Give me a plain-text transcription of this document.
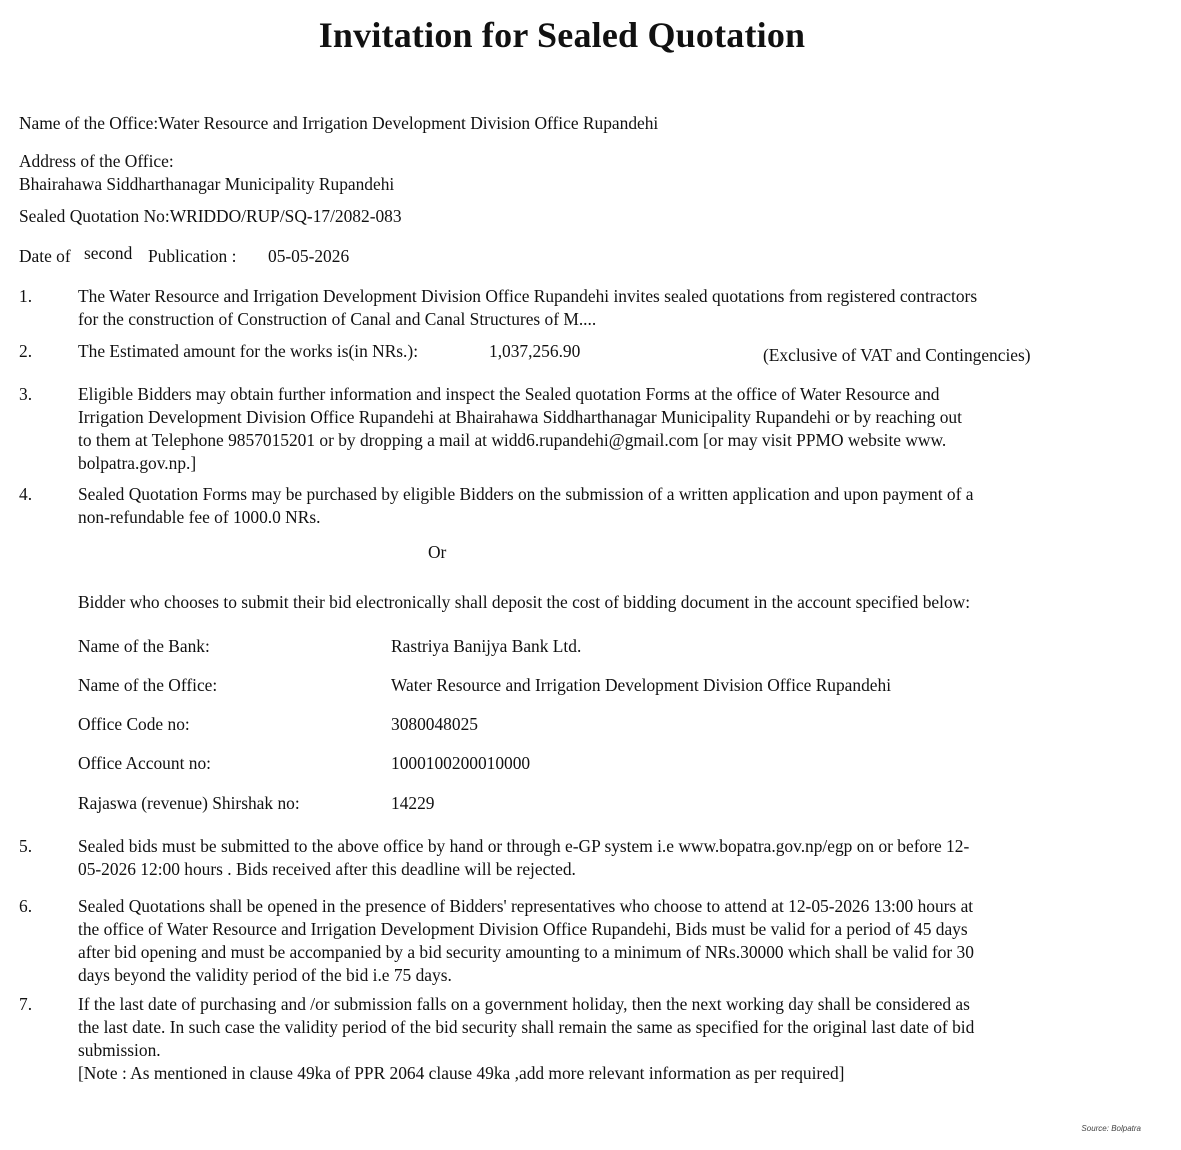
Invitation for Sealed Quotation
Name of the Office:Water Resource and Irrigation Development Division Office Rupandehi
Address of the Office:
Bhairahawa Siddharthanagar Municipality Rupandehi
Sealed Quotation No:WRIDDO/RUP/SQ-17/2082-083
Date of second Publication : 05-05-2026
1.	The Water Resource and Irrigation Development Division Office Rupandehi invites sealed quotations from registered contractors
for the construction of Construction of Canal and Canal Structures of M....
2.	The Estimated amount for the works is(in NRs.):	1,037,256.90	(Exclusive of VAT and Contingencies)
3.	Eligible Bidders may obtain further information and inspect the Sealed quotation Forms at the office of Water Resource and
Irrigation Development Division Office Rupandehi at Bhairahawa Siddharthanagar Municipality Rupandehi or by reaching out
to them at Telephone 9857015201 or by dropping a mail at widd6.rupandehi@gmail.com [or may visit PPMO website www.
bolpatra.gov.np.]
4.	Sealed Quotation Forms may be purchased by eligible Bidders on the submission of a written application and upon payment of a
non-refundable fee of 1000.0 NRs.
Or
Bidder who chooses to submit their bid electronically shall deposit the cost of bidding document in the account specified below:
Name of the Bank:	Rastriya Banijya Bank Ltd.
Name of the Office:	Water Resource and Irrigation Development Division Office Rupandehi
Office Code no:	3080048025
Office Account no:	1000100200010000
Rajaswa (revenue) Shirshak no:	14229
5.	Sealed bids must be submitted to the above office by hand or through e-GP system i.e www.bopatra.gov.np/egp on or before 12-
05-2026 12:00 hours . Bids received after this deadline will be rejected.
6.	Sealed Quotations shall be opened in the presence of Bidders' representatives who choose to attend at 12-05-2026 13:00 hours at
the office of Water Resource and Irrigation Development Division Office Rupandehi, Bids must be valid for a period of 45 days
after bid opening and must be accompanied by a bid security amounting to a minimum of NRs.30000 which shall be valid for 30
days beyond the validity period of the bid i.e 75 days.
7.	If the last date of purchasing and /or submission falls on a government holiday, then the next working day shall be considered as
the last date. In such case the validity period of the bid security shall remain the same as specified for the original last date of bid
submission.
[Note : As mentioned in clause 49ka of PPR 2064 clause 49ka ,add more relevant information as per required]
Source: Bolpatra
